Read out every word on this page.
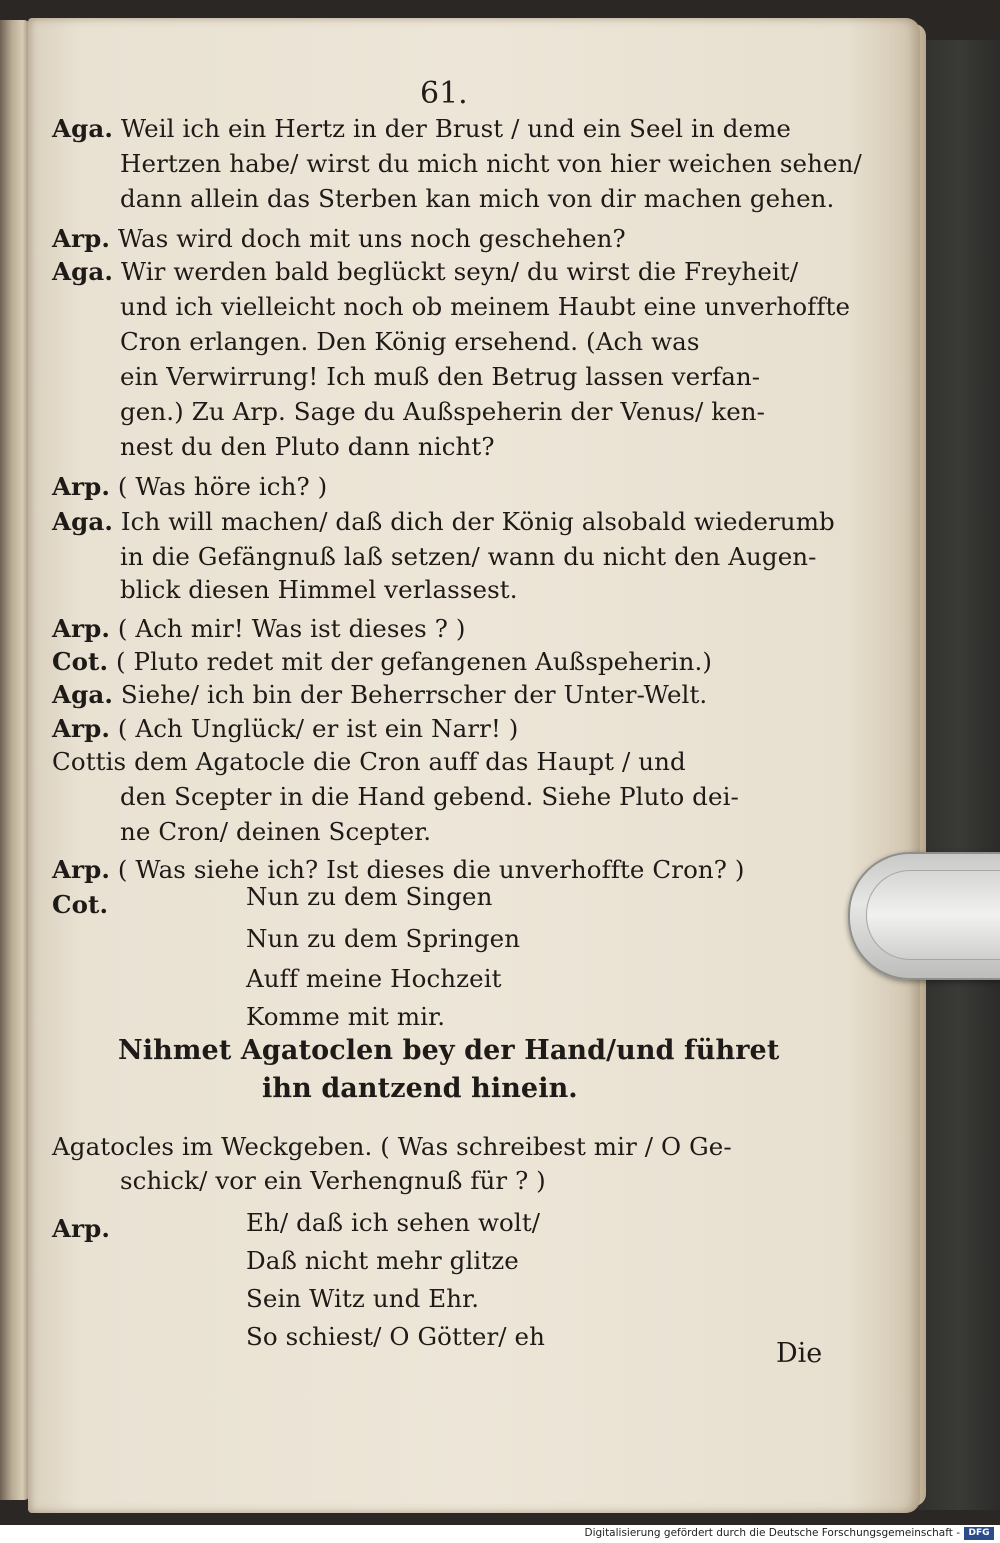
61.
Die
Aga. Weil ich ein Hertz in der Brust / und ein Seel in deme
Hertzen habe/ wirst du mich nicht von hier weichen sehen/
dann allein das Sterben kan mich von dir machen gehen.
Arp. Was wird doch mit uns noch geschehen?
Aga. Wir werden bald beglückt seyn/ du wirst die Freyheit/
und ich vielleicht noch ob meinem Haubt eine unverhoffte
Cron erlangen. Den König ersehend. (Ach was
ein Verwirrung! Ich muß den Betrug lassen verfan-
gen.) Zu Arp. Sage du Außspeherin der Venus/ ken-
nest du den Pluto dann nicht?
Arp. ( Was höre ich? )
Aga. Ich will machen/ daß dich der König alsobald wiederumb
in die Gefängnuß laß setzen/ wann du nicht den Augen-
blick diesen Himmel verlassest.
Arp. ( Ach mir! Was ist dieses ? )
Cot. ( Pluto redet mit der gefangenen Außspeherin.)
Aga. Siehe/ ich bin der Beherrscher der Unter-Welt.
Arp. ( Ach Unglück/ er ist ein Narr! )
Cottis dem Agatocle die Cron auff das Haupt / und
den Scepter in die Hand gebend. Siehe Pluto dei-
ne Cron/ deinen Scepter.
Arp. ( Was siehe ich? Ist dieses die unverhoffte Cron? )
Cot.	Nun zu dem Singen
Nun zu dem Springen
Auff meine Hochzeit
Komme mit mir.
Nihmet Agatoclen bey der Hand/und führet
ihn dantzend hinein.
Agatocles im Weckgeben. ( Was schreibest mir / O Ge-
schick/ vor ein Verhengnuß für ? )
Arp.	Eh/ daß ich sehen wolt/
Daß nicht mehr glitze
Sein Witz und Ehr.
So schiest/ O Götter/ eh
Digitalisierung gefördert durch die Deutsche Forschungsgemeinschaft - DFG
